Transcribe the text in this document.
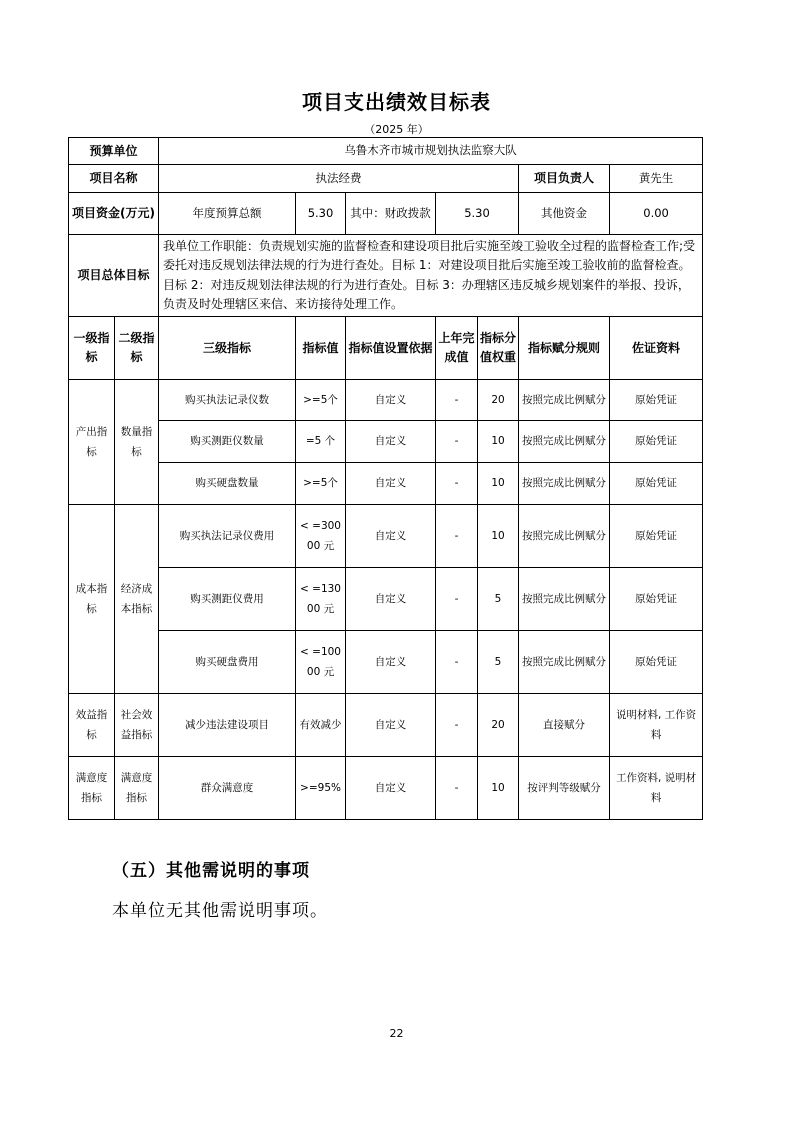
项目支出绩效目标表
（2025 年）
预算单位		乌鲁木齐市城市规划执法监察大队						
项目名称		执法经费					项目负责人	黄先生
项目资金(万元)		年度预算总额	5.30	其中：财政拨款	5.30		其他资金	0.00
项目总体目标		我单位工作职能：负责规划实施的监督检查和建设项目批后实施至竣工验收全过程的监督检查工作;受委托对违反规划法律法规的行为进行查处。目标 1：对建设项目批后实施至竣工验收前的监督检查。目标 2：对违反规划法律法规的行为进行查处。目标 3：办理辖区违反城乡规划案件的举报、投诉，负责及时处理辖区来信、来访接待处理工作。						
一级指标	二级指标	三级指标	指标值	指标值设置依据	上年完成值	指标分值权重	指标赋分规则	佐证资料
产出指标	数量指标	购买执法记录仪数	>=5个	自定义	-	20	按照完成比例赋分	原始凭证
		购买测距仪数量	=5 个	自定义	-	10	按照完成比例赋分	原始凭证
		购买硬盘数量	>=5个	自定义	-	10	按照完成比例赋分	原始凭证
成本指标	经济成本指标	购买执法记录仪费用	< =30000 元	自定义	-	10	按照完成比例赋分	原始凭证
		购买测距仪费用	< =13000 元	自定义	-	5	按照完成比例赋分	原始凭证
		购买硬盘费用	< =10000 元	自定义	-	5	按照完成比例赋分	原始凭证
效益指标	社会效益指标	减少违法建设项目	有效减少	自定义	-	20	直接赋分	说明材料, 工作资料
满意度指标	满意度指标	群众满意度	>=95%	自定义	-	10	按评判等级赋分	工作资料, 说明材料
（五）其他需说明的事项
本单位无其他需说明事项。
22
